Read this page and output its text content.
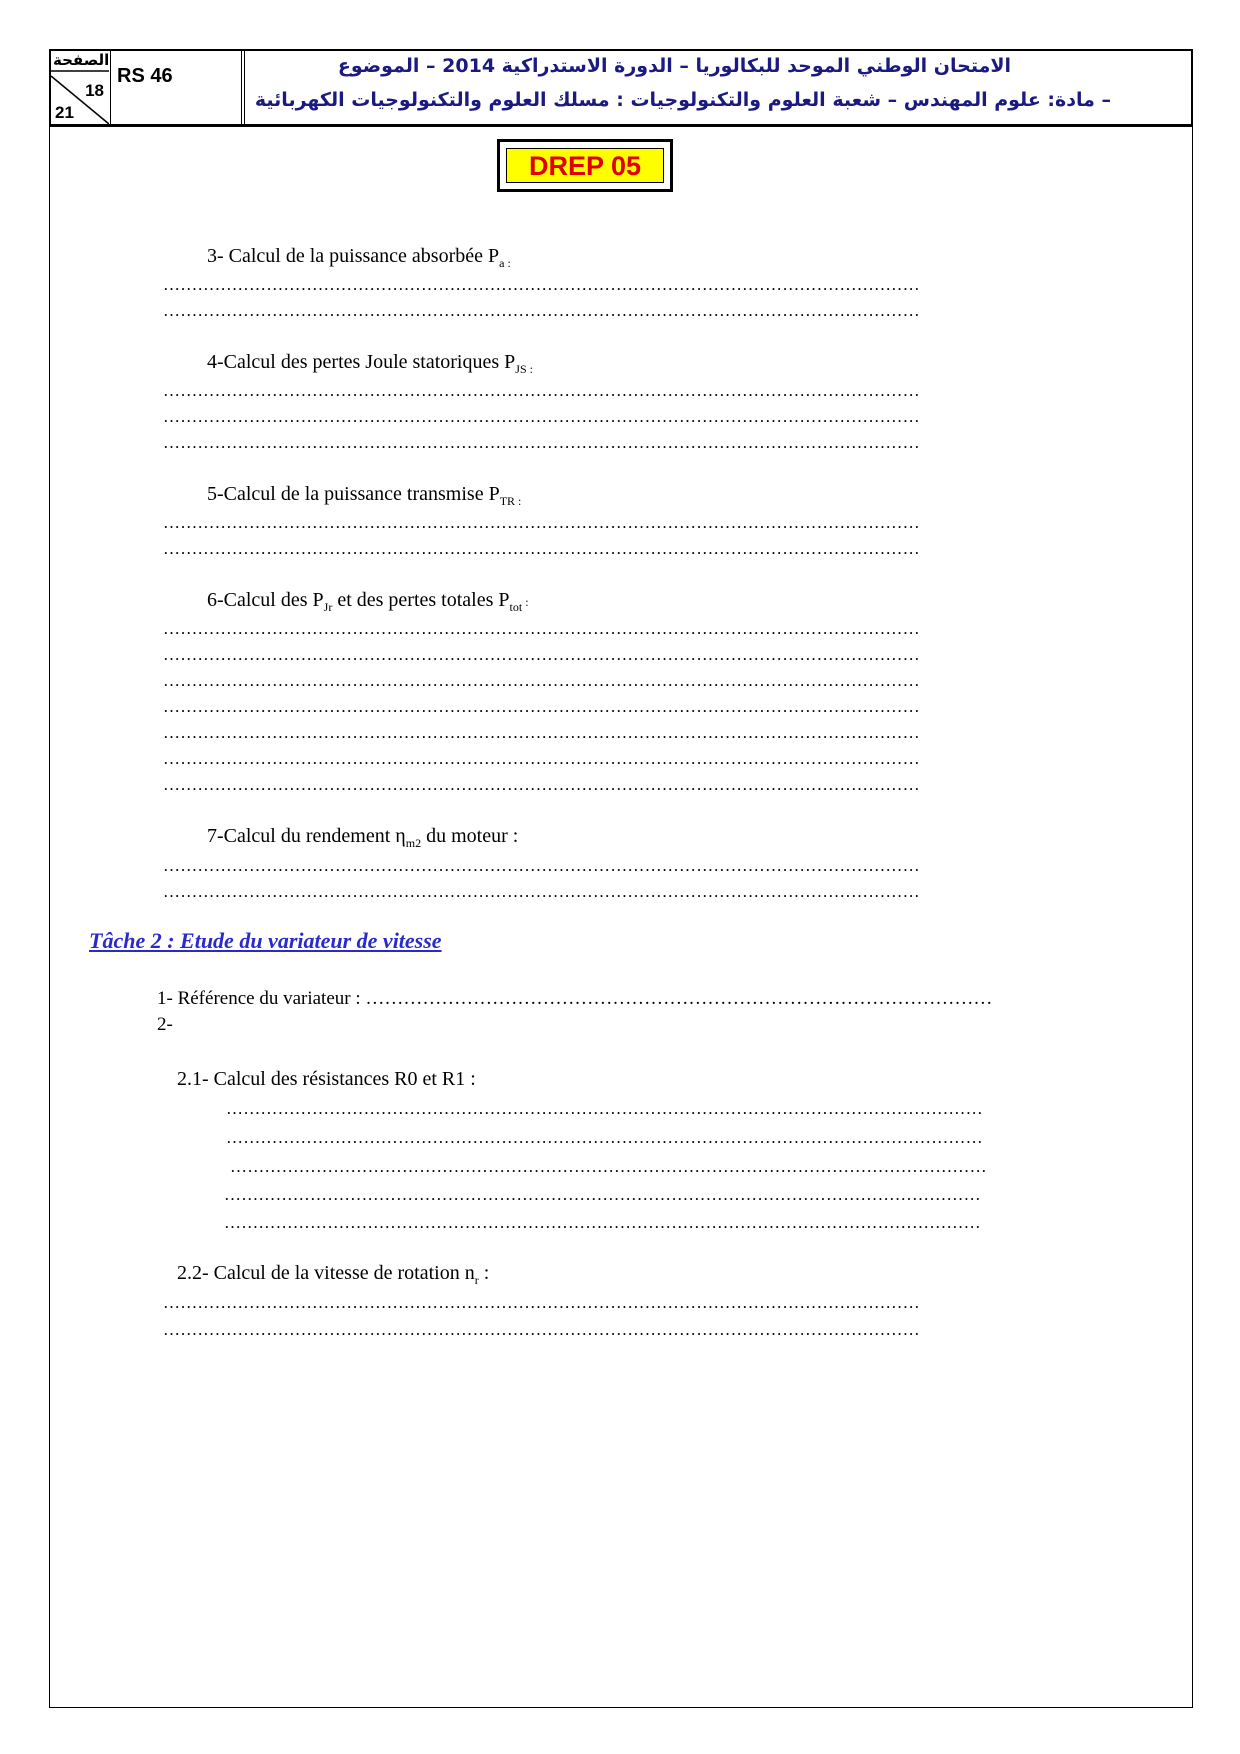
الصفحة
18
21
RS 46	الامتحان الوطني الموحد للبكالوريا – الدورة الاستدراكية 2014 – الموضوع
– مادة: علوم المهندس – شعبة العلوم والتكنولوجيات : مسلك العلوم والتكنولوجيات الكهربائية
DREP 05
3- Calcul de la puissance absorbée $P_{a :}$
……………………………………………………………………………………………………………………
……………………………………………………………………………………………………………………
4-Calcul des pertes Joule statoriques $P_{JS :}$
……………………………………………………………………………………………………………………
……………………………………………………………………………………………………………………
……………………………………………………………………………………………………………………
5-Calcul de la puissance transmise $P_{TR :}$
……………………………………………………………………………………………………………………
……………………………………………………………………………………………………………………
6-Calcul des $P_{Jr}$ et des pertes totales $P_{tot}$ :
……………………………………………………………………………………………………………………
……………………………………………………………………………………………………………………
……………………………………………………………………………………………………………………
……………………………………………………………………………………………………………………
……………………………………………………………………………………………………………………
……………………………………………………………………………………………………………………
……………………………………………………………………………………………………………………
7-Calcul du rendement $\eta_{m2}$ du moteur :
……………………………………………………………………………………………………………………
……………………………………………………………………………………………………………………
Tâche 2 : Etude du variateur de vitesse
1- Référence du variateur : ………………………………………………………………………………………
2-
2.1- Calcul des résistances R0 et R1 :
……………………………………………………………………………………………………………………
……………………………………………………………………………………………………………………
……………………………………………………………………………………………………………………
……………………………………………………………………………………………………………………
……………………………………………………………………………………………………………………
2.2- Calcul de la vitesse de rotation $n_r$ :
……………………………………………………………………………………………………………………
……………………………………………………………………………………………………………………
